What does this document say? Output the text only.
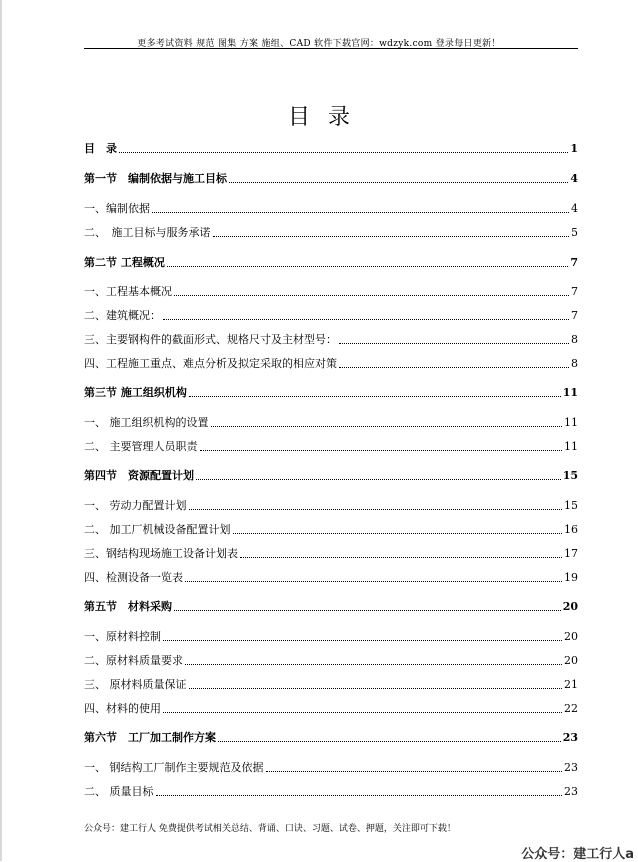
更多考试资料 规范 图集 方案 施组、CAD 软件下载官网：wdzyk.com 登录每日更新！
目录
目　录	1
第一节　编制依据与施工目标	4
一、编制依据	4
二、　施工目标与服务承诺	5
第二节 工程概况	7
一、工程基本概况	7
二、建筑概况：	7
三、主要钢构件的截面形式、规格尺寸及主材型号：	8
四、工程施工重点、难点分析及拟定采取的相应对策	8
第三节 施工组织机构	11
一、 施工组织机构的设置	11
二、 主要管理人员职责	11
第四节　资源配置计划	15
一、 劳动力配置计划	15
二、 加工厂机械设备配置计划	16
三、钢结构现场施工设备计划表	17
四、检测设备一览表	19
第五节　材料采购	20
一、原材料控制	20
二、原材料质量要求	20
三、 原材料质量保证	21
四、材料的使用	22
第六节　工厂加工制作方案	23
一、 钢结构工厂制作主要规范及依据	23
二、 质量目标	23
公众号：建工行人 免费提供考试相关总结、背诵、口诀、习题、试卷、押题，关注即可下载！
公众号：建工行人a
